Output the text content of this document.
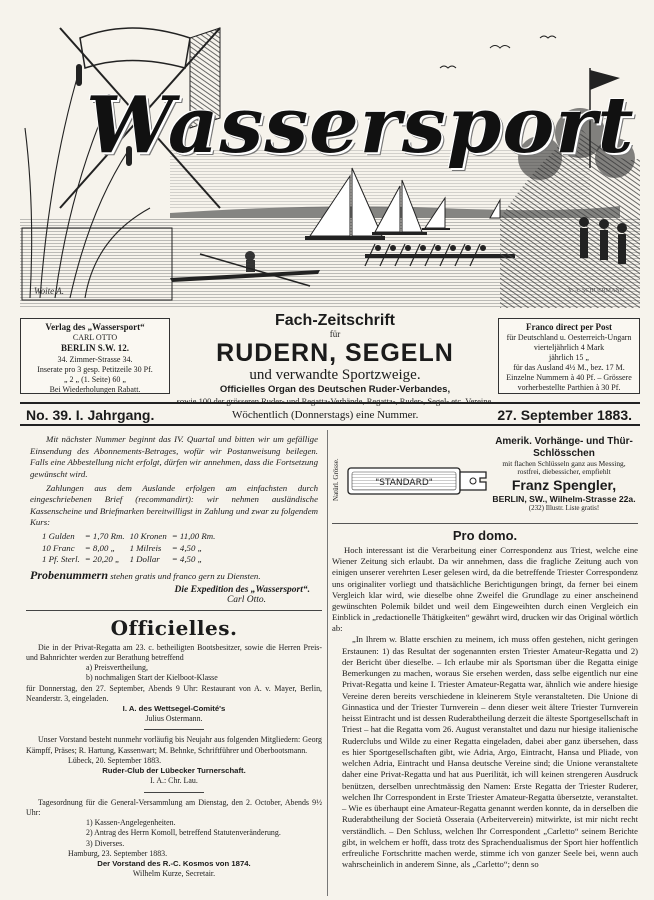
Wassersport
Woite A.	X. A. SCHUERMANN
Verlag des „Wassersport“
CARL OTTO
BERLIN S.W. 12.
34. Zimmer-Strasse 34.
Inserate pro 3 gesp. Petitzeile 30 Pf.
„ 2 „ (1. Seite) 60 „
Bei Wiederholungen Rabatt.
Fach-Zeitschrift
für
RUDERN, SEGELN
und verwandte Sportzweige.
Officielles Organ des Deutschen Ruder-Verbandes,
sowie 100 der grösseren Ruder- und Regatta-Verbände, Regatta-, Ruder-, Segel- etc. Vereine.
Franco direct per Post
für Deutschland u. Oesterreich-Ungarn
vierteljährlich 4 Mark
jährlich 15 „
für das Ausland 4½ M., bez. 17 M.
Einzelne Nummern à 40 Pf. – Grössere
vorherbestellte Parthien à 30 Pf.
No. 39. I. Jahrgang.	Wöchentlich (Donnerstags) eine Nummer.	27. September 1883.
Mit nächster Nummer beginnt das IV. Quartal und bitten wir um gefällige Einsendung des Abonnements-Betrages, wofür wir Postanweisung beilegen. Falls eine Abbestellung nicht erfolgt, dürfen wir annehmen, dass die Fortsetzung gewünscht wird.
Zahlungen aus dem Auslande erfolgen am einfachsten durch eingeschriebenen Brief (recommandirt): wir nehmen ausländische Kassenscheine und Briefmarken bereitwilligst in Zahlung und zwar zu folgendem Kurs:
1 Gulden	= 1,70 Rm.	10 Kronen	= 11,00 Rm.
10 Franc	= 8,00 „	1 Milreis	= 4,50 „
1 Pf. Sterl.	= 20,20 „	1 Dollar	= 4,50 „
Probenummern stehen gratis und franco gern zu Diensten.
Die Expedition des „Wassersport“.
Carl Otto.
Officielles.
Die in der Privat-Regatta am 23. c. betheiligten Bootsbesitzer, sowie die Herren Preis- und Bahnrichter werden zur Berathung betreffend
a) Preisvertheilung,
b) nochmaligen Start der Kielboot-Klasse
für Donnerstag, den 27. September, Abends 9 Uhr: Restaurant von A. v. Mayer, Berlin, Neanderstr. 3, eingeladen.
I. A. des Wettsegel-Comité's
Julius Ostermann.
Unser Vorstand besteht nunmehr vorläufig bis Neujahr aus folgenden Mitgliedern: Georg Kämpff, Präses; R. Hartung, Kassenwart; M. Behnke, Schriftführer und Oberbootsmann.
Lübeck, 20. September 1883.
Ruder-Club der Lübecker Turnerschaft.
I. A.: Chr. Lau.
Tagesordnung für die General-Versammlung am Dienstag, den 2. October, Abends 9½ Uhr:
1) Kassen-Angelegenheiten.
2) Antrag des Herrn Komoll, betreffend Statutenveränderung.
3) Diverses.
Hamburg, 23. September 1883.
Der Vorstand des R.-C. Kosmos von 1874.
Wilhelm Kurze, Secretair.
Natürl. Grösse.	"STANDARD"
Amerik. Vorhänge- und Thür-
Schlösschen
mit flachen Schlüsseln ganz aus Messing,
rostfrei, diebessicher, empfiehlt
Franz Spengler,
BERLIN, SW., Wilhelm-Strasse 22a.
(232) Illustr. Liste gratis!
Pro domo.
Hoch interessant ist die Verarbeitung einer Correspondenz aus Triest, welche eine Wiener Zeitung sich erlaubt. Da wir annehmen, dass die fragliche Zeitung auch von einigen unserer verehrten Leser gelesen wird, da die betreffende Triester Correspondenz uns originaliter vorliegt und thatsächliche Berichtigungen bringt, da ferner bei einem Vergleich klar wird, wie dieselbe ohne Zweifel die Grundlage zu einer anscheinend gewünschten Polemik bildet und weil dem Eingeweihten durch einen Vergleich ein Einblick in „redactionelle Thätigkeiten“ gewährt wird, drucken wir das Original wörtlich ab:
„In Ihrem w. Blatte erschien zu meinem, ich muss offen gestehen, nicht geringen Erstaunen: 1) das Resultat der sogenannten ersten Triester Amateur-Regatta und 2) der Bericht über dieselbe. – Ich erlaube mir als Sportsman über die Regatta einige Bemerkungen zu machen, woraus Sie ersehen werden, dass selbe eigentlich nur eine Privat-Regatta und keine I. Triester Amateur-Regatta war, ähnlich wie andere hiesige Vereine deren bereits verschiedene in kleinerem Style veranstalteten. Die Unione di Ginnastica und der Triester Turnverein – denn dieser weit ältere Triester Turnverein heisst Eintracht und ist dessen Ruderabtheilung derzeit die älteste Sportgesellschaft in Triest – hat die Regatta vom 26. August veranstaltet und dazu nur hiesige italienische Ruderclubs und Wilde zu einer Regatta eingeladen, dabei aber ganz übersehen, dass es hier Sportgesellschaften gibt, wie Adria, Argo, Eintracht, Hansa und Pliade, von welchen Adria, Eintracht und Hansa deutsche Vereine sind; die Unione veranstaltete daher eine Privat-Regatta und hat aus Puerilität, ich will keinen strengeren Ausdruck benützen, derselben unrechtmässig den Namen: Erste Regatta der Triester Ruderer, welchen Ihr Correspondent in Erste Triester Amateur-Regatta übersetzte, veranstaltet. – Wie es überhaupt eine Amateur-Regatta genannt werden konnte, da in derselben die Ruderabtheilung der Società Osseraia (Arbeiterverein) mitwirkte, ist mir nicht recht verständlich. – Den Schluss, welchen Ihr Correspondent „Carletto“ seinem Berichte gibt, in welchem er hofft, dass trotz des Sprachendualismus der Sport hier hoffentlich erfreuliche Fortschritte machen werde, stimme ich von ganzer Seele bei, wenn auch wahrscheinlich in anderem Sinne, als „Carletto“; denn so
